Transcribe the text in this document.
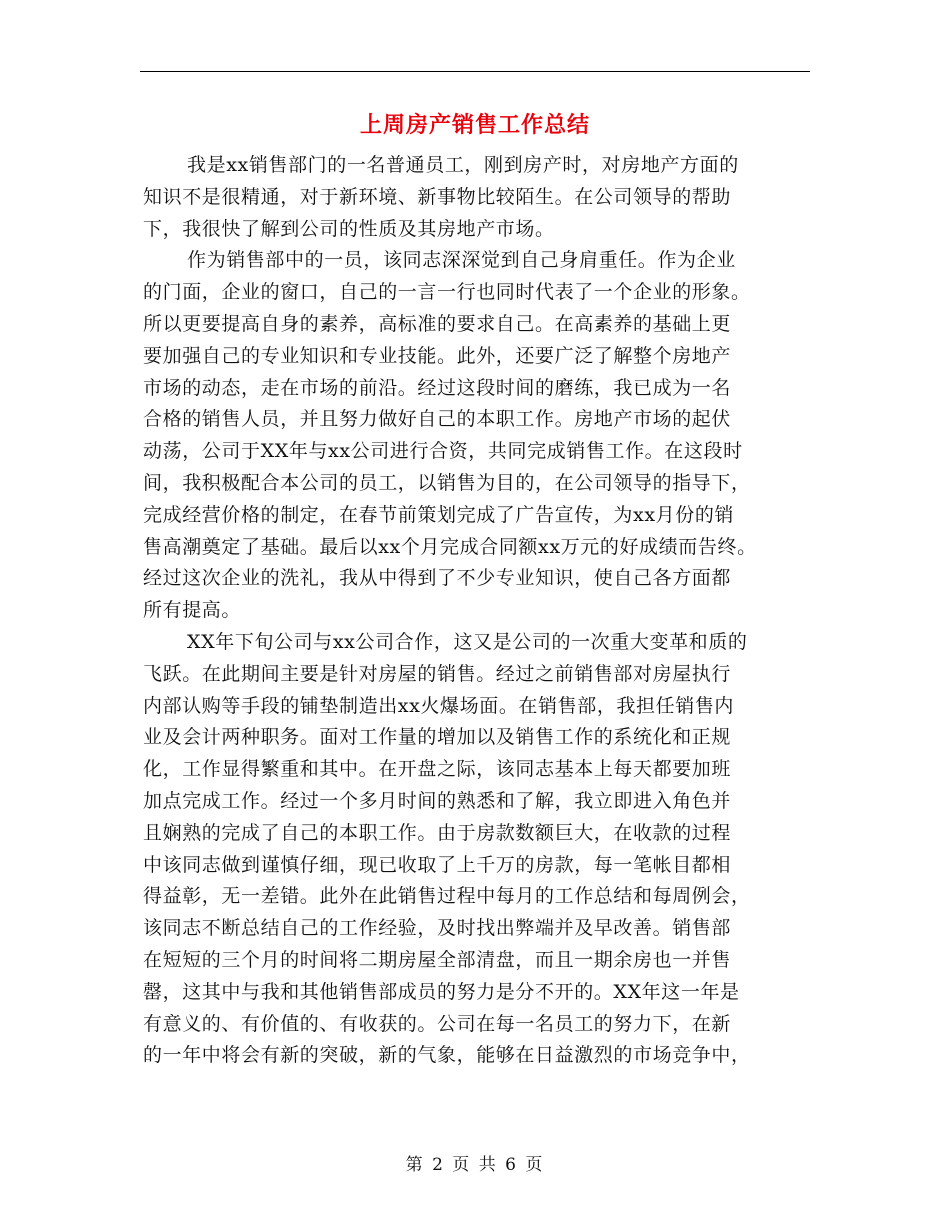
上周房产销售工作总结
我是xx销售部门的一名普通员工，刚到房产时，对房地产方面的
知识不是很精通，对于新环境、新事物比较陌生。在公司领导的帮助
下，我很快了解到公司的性质及其房地产市场。
作为销售部中的一员，该同志深深觉到自己身肩重任。作为企业
的门面，企业的窗口，自己的一言一行也同时代表了一个企业的形象。
所以更要提高自身的素养，高标准的要求自己。在高素养的基础上更
要加强自己的专业知识和专业技能。此外，还要广泛了解整个房地产
市场的动态，走在市场的前沿。经过这段时间的磨练，我已成为一名
合格的销售人员，并且努力做好自己的本职工作。房地产市场的起伏
动荡，公司于XX年与xx公司进行合资，共同完成销售工作。在这段时
间，我积极配合本公司的员工，以销售为目的，在公司领导的指导下，
完成经营价格的制定，在春节前策划完成了广告宣传，为xx月份的销
售高潮奠定了基础。最后以xx个月完成合同额xx万元的好成绩而告终。
经过这次企业的洗礼，我从中得到了不少专业知识，使自己各方面都
所有提高。
XX年下旬公司与xx公司合作，这又是公司的一次重大变革和质的
飞跃。在此期间主要是针对房屋的销售。经过之前销售部对房屋执行
内部认购等手段的铺垫制造出xx火爆场面。在销售部，我担任销售内
业及会计两种职务。面对工作量的增加以及销售工作的系统化和正规
化，工作显得繁重和其中。在开盘之际，该同志基本上每天都要加班
加点完成工作。经过一个多月时间的熟悉和了解，我立即进入角色并
且娴熟的完成了自己的本职工作。由于房款数额巨大，在收款的过程
中该同志做到谨慎仔细，现已收取了上千万的房款，每一笔帐目都相
得益彰，无一差错。此外在此销售过程中每月的工作总结和每周例会，
该同志不断总结自己的工作经验，及时找出弊端并及早改善。销售部
在短短的三个月的时间将二期房屋全部清盘，而且一期余房也一并售
罄，这其中与我和其他销售部成员的努力是分不开的。XX年这一年是
有意义的、有价值的、有收获的。公司在每一名员工的努力下，在新
的一年中将会有新的突破，新的气象，能够在日益激烈的市场竞争中，
第 2 页 共 6 页
